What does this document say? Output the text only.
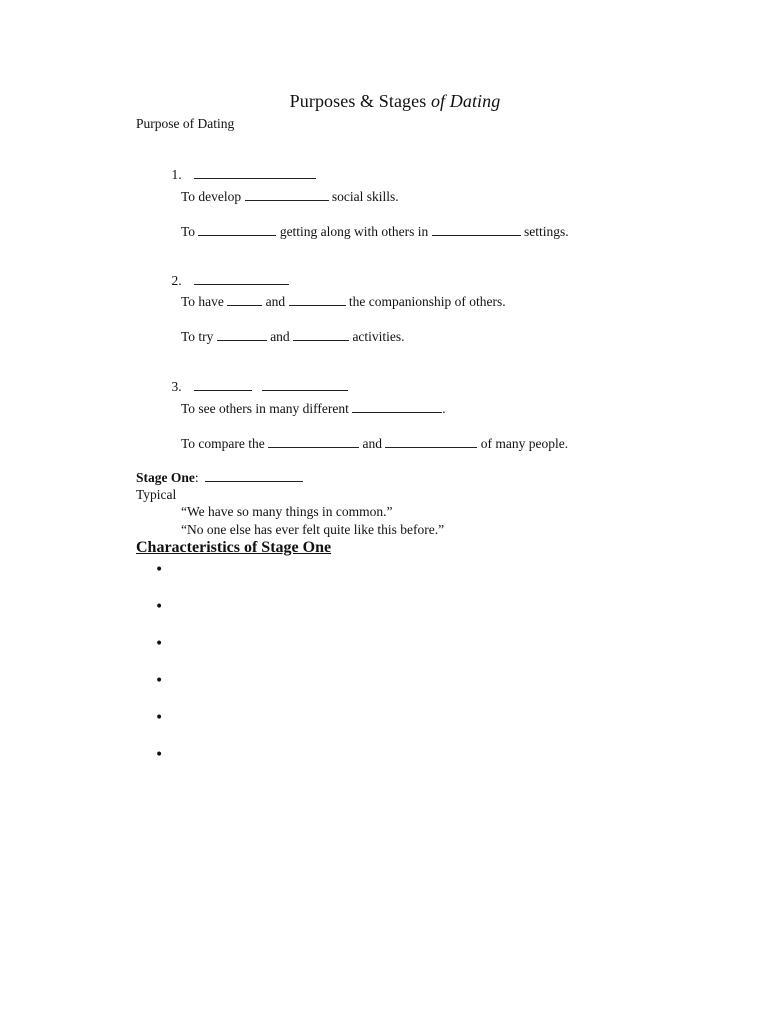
Purposes & Stages of Dating
Purpose of Dating

1.

To develop	social skills.
To	getting along with others in	settings.

2.

To have	and	the companionship of others.
To try	and	activities.

3.

To see others in many different	.
To compare the	and	of many people.
Stage One:
Typical
“We have so many things in common.”
“No one else has ever felt quite like this before.”
Characteristics of Stage One
•
•
•
•
•
•
